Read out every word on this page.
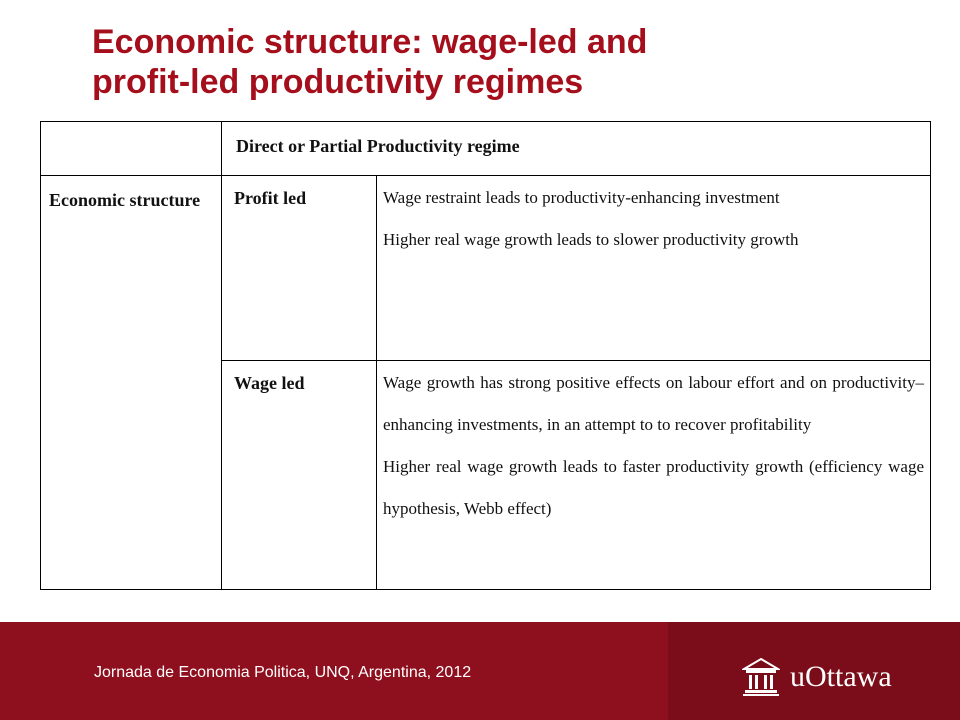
Economic structure: wage-led and
profit-led productivity regimes
	Direct or Partial Productivity regime	
Economic structure	Profit led	Wage restraint leads to productivity-enhancing investment

Higher real wage growth leads to slower productivity growth

	Wage led	Wage growth has strong positive effects on labour effort and on productivity–enhancing investments, in an attempt to to recover profitability

Higher real wage growth leads to faster productivity growth (efficiency wage hypothesis, Webb effect)

Jornada de Economia Politica, UNQ, Argentina, 2012	uOttawa
